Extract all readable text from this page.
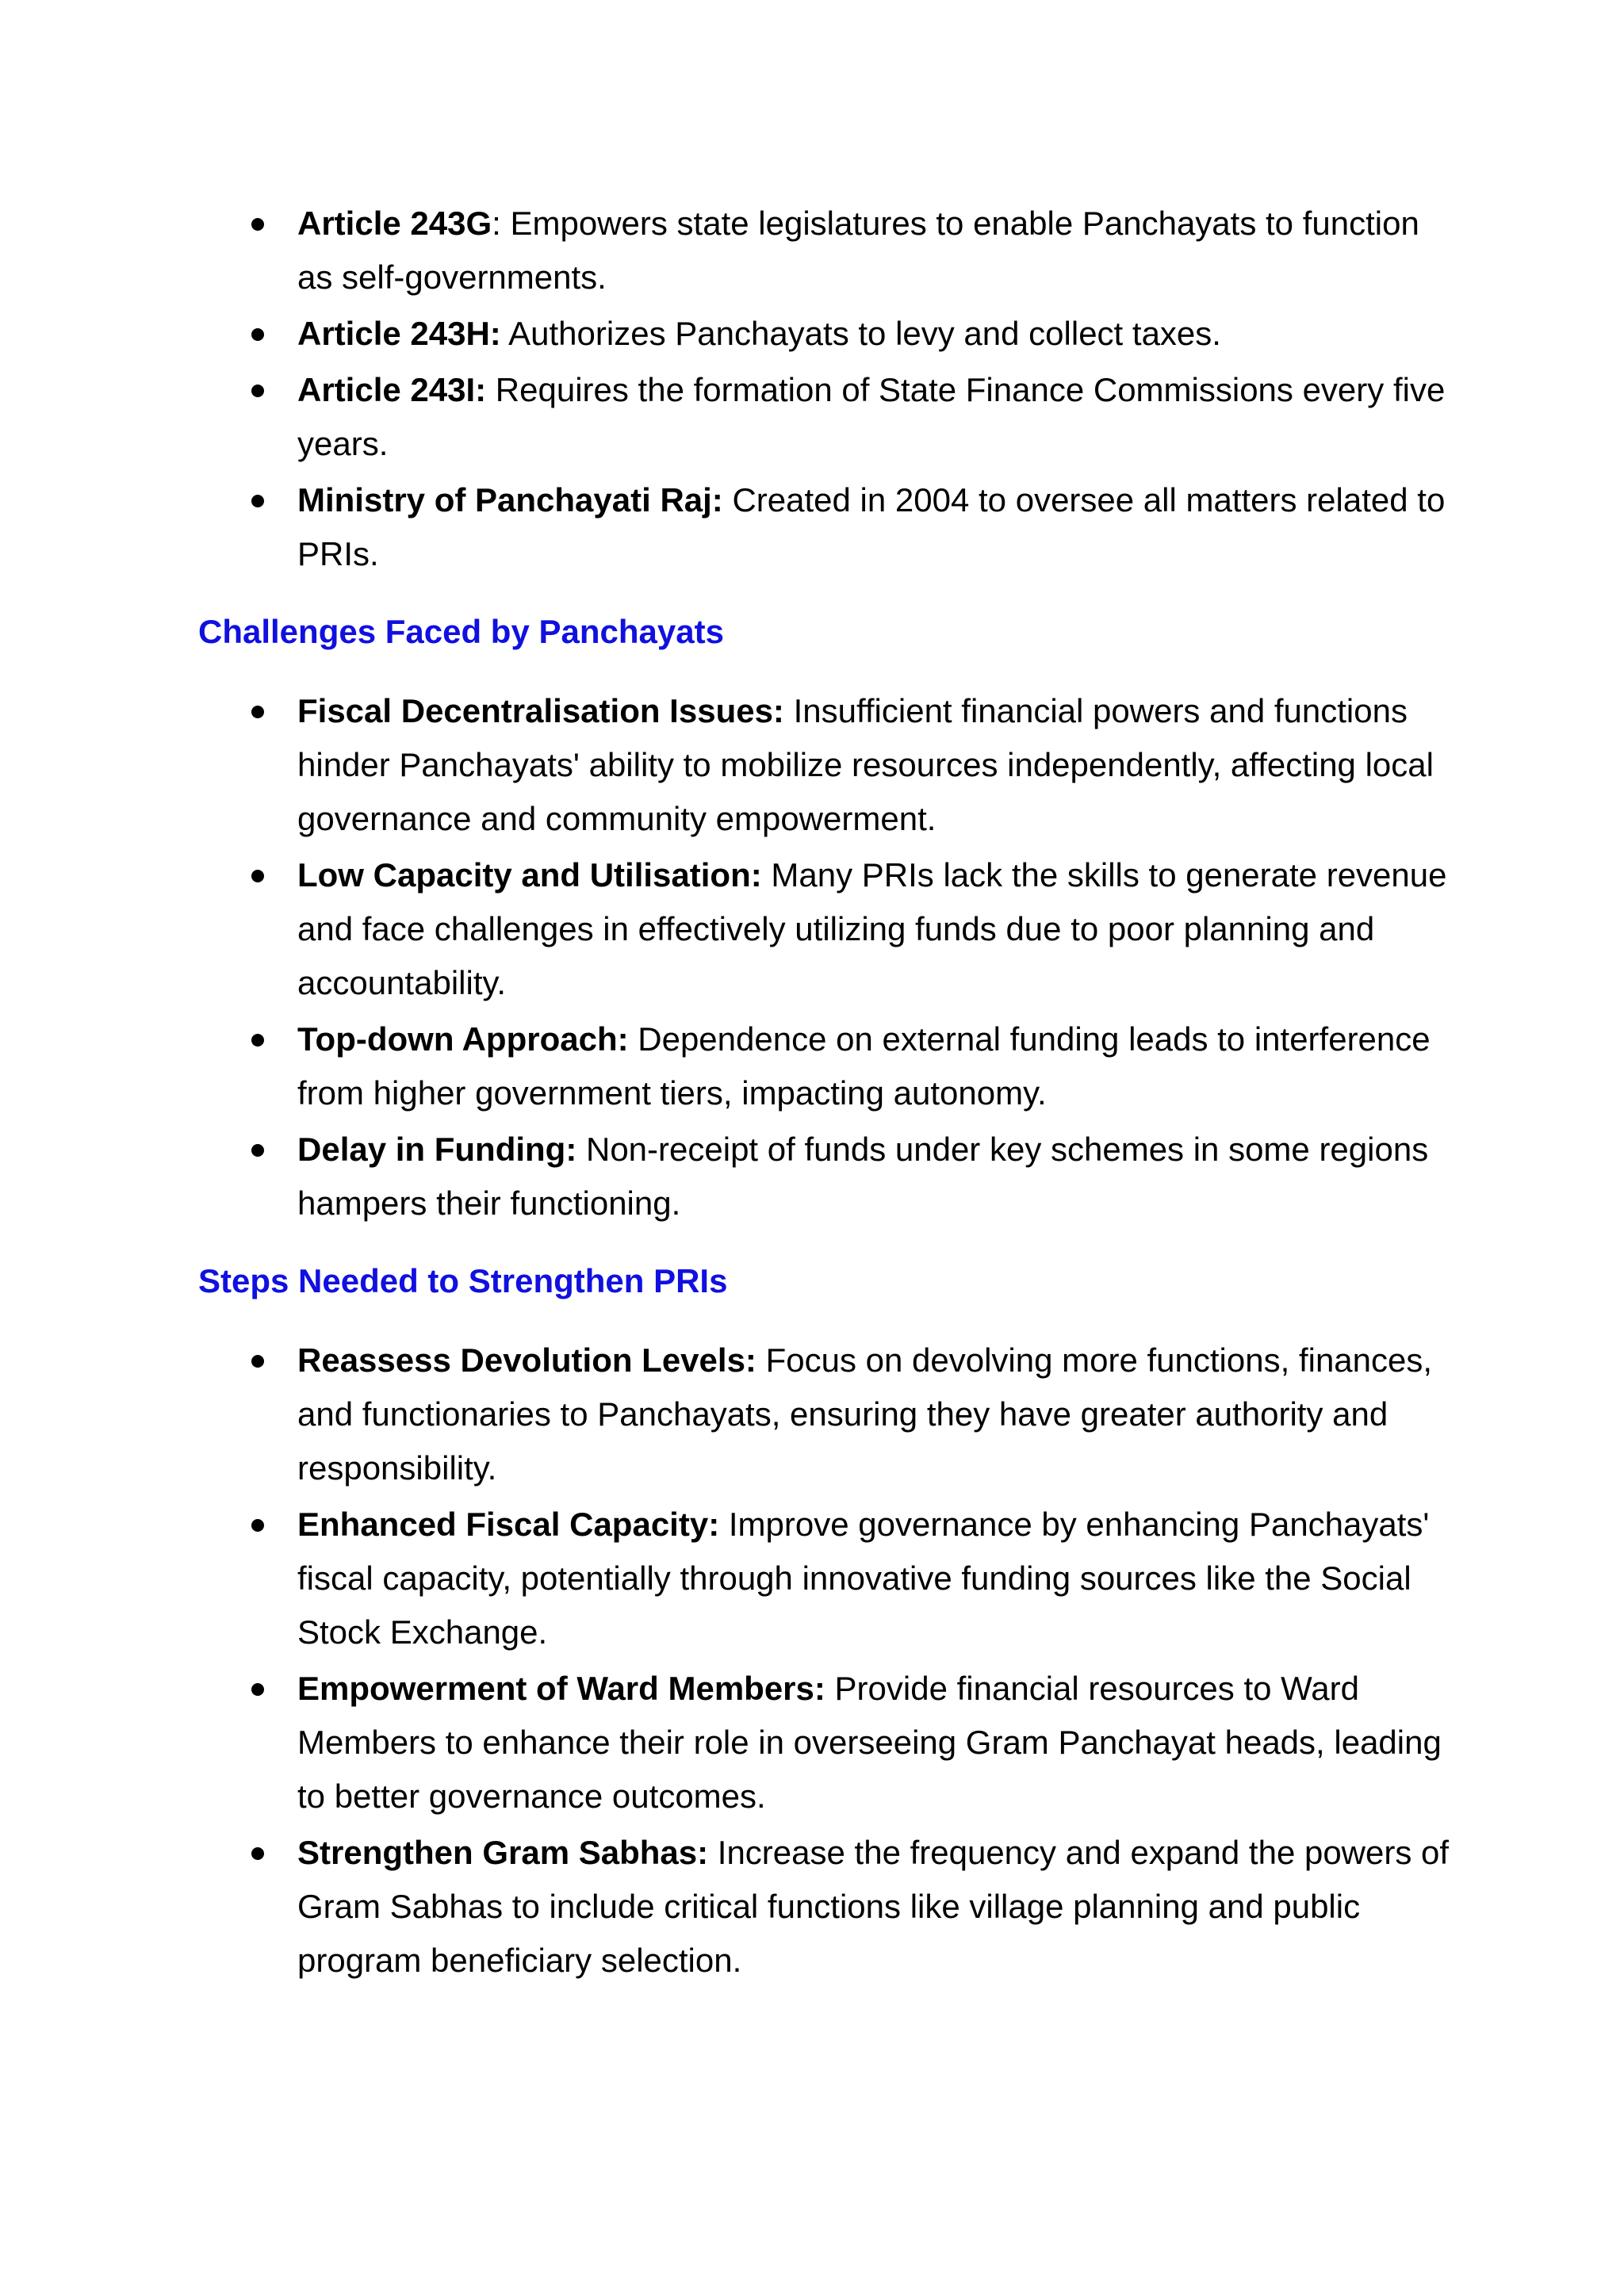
Article 243G: Empowers state legislatures to enable Panchayats to function as self-governments.
Article 243H: Authorizes Panchayats to levy and collect taxes.
Article 243I: Requires the formation of State Finance Commissions every five years.
Ministry of Panchayati Raj: Created in 2004 to oversee all matters related to PRIs.
Challenges Faced by Panchayats
Fiscal Decentralisation Issues: Insufficient financial powers and functions hinder Panchayats' ability to mobilize resources independently, affecting local governance and community empowerment.
Low Capacity and Utilisation: Many PRIs lack the skills to generate revenue and face challenges in effectively utilizing funds due to poor planning and accountability.
Top-down Approach: Dependence on external funding leads to interference from higher government tiers, impacting autonomy.
Delay in Funding: Non-receipt of funds under key schemes in some regions hampers their functioning.
Steps Needed to Strengthen PRIs
Reassess Devolution Levels: Focus on devolving more functions, finances, and functionaries to Panchayats, ensuring they have greater authority and responsibility.
Enhanced Fiscal Capacity: Improve governance by enhancing Panchayats' fiscal capacity, potentially through innovative funding sources like the Social Stock Exchange.
Empowerment of Ward Members: Provide financial resources to Ward Members to enhance their role in overseeing Gram Panchayat heads, leading to better governance outcomes.
Strengthen Gram Sabhas: Increase the frequency and expand the powers of Gram Sabhas to include critical functions like village planning and public program beneficiary selection.
